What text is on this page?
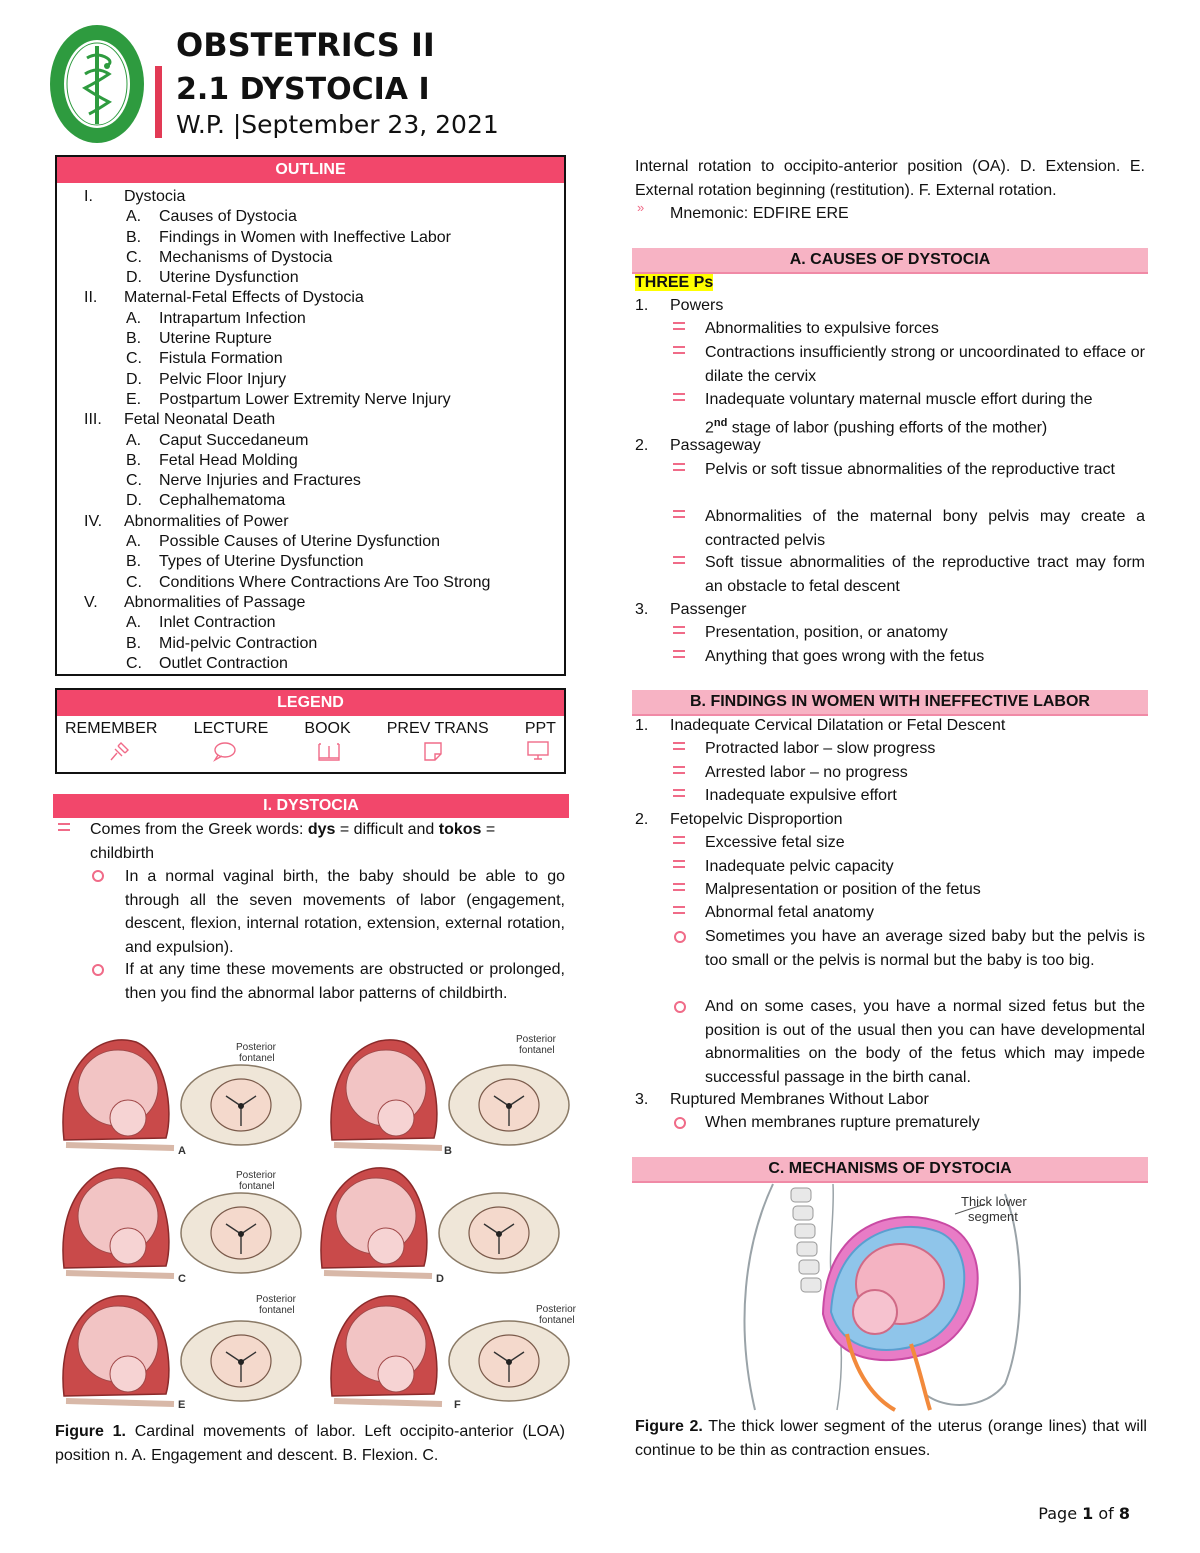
OBSTETRICS II
2.1 DYSTOCIA I
W.P. |September 23, 2021
OUTLINE
I. Dystocia
A. Causes of Dystocia
B. Findings in Women with Ineffective Labor
C. Mechanisms of Dystocia
D. Uterine Dysfunction
II. Maternal-Fetal Effects of Dystocia
A. Intrapartum Infection
B. Uterine Rupture
C. Fistula Formation
D. Pelvic Floor Injury
E. Postpartum Lower Extremity Nerve Injury
III. Fetal Neonatal Death
A. Caput Succedaneum
B. Fetal Head Molding
C. Nerve Injuries and Fractures
D. Cephalhematoma
IV. Abnormalities of Power
A. Possible Causes of Uterine Dysfunction
B. Types of Uterine Dysfunction
C. Conditions Where Contractions Are Too Strong
V. Abnormalities of Passage
A. Inlet Contraction
B. Mid-pelvic Contraction
C. Outlet Contraction
LEGEND
REMEMBER LECTURE BOOK PREV TRANS PPT
I. DYSTOCIA
Comes from the Greek words: dys = difficult and tokos =
childbirth
In a normal vaginal birth, the baby should be able to go through all the seven movements of labor (engagement, descent, flexion, internal rotation, extension, external rotation, and expulsion).
If at any time these movements are obstructed or prolonged, then you find the abnormal labor patterns of childbirth.
A
Posterior
fontanel
B
Posterior
fontanel
C
Posterior
fontanel
D
E
Posterior
fontanel
F
Posterior
fontanel
Figure 1. Cardinal movements of labor. Left occipito-anterior (LOA) position n. A. Engagement and descent. B. Flexion. C.
Internal rotation to occipito-anterior position (OA). D. Extension. E. External rotation beginning (restitution). F. External rotation.
»	Mnemonic: EDFIRE ERE
A. CAUSES OF DYSTOCIA
THREE Ps
1. Powers
Abnormalities to expulsive forces
Contractions insufficiently strong or uncoordinated to efface or dilate the cervix
Inadequate voluntary maternal muscle effort during the
2nd stage of labor (pushing efforts of the mother)
2. Passageway
Pelvis or soft tissue abnormalities of the reproductive tract
Abnormalities of the maternal bony pelvis may create a contracted pelvis
Soft tissue abnormalities of the reproductive tract may form an obstacle to fetal descent
3. Passenger
Presentation, position, or anatomy
Anything that goes wrong with the fetus
B. FINDINGS IN WOMEN WITH INEFFECTIVE LABOR
1. Inadequate Cervical Dilatation or Fetal Descent
Protracted labor – slow progress
Arrested labor – no progress
Inadequate expulsive effort
2. Fetopelvic Disproportion
Excessive fetal size
Inadequate pelvic capacity
Malpresentation or position of the fetus
Abnormal fetal anatomy
Sometimes you have an average sized baby but the pelvis is too small or the pelvis is normal but the baby is too big.
And on some cases, you have a normal sized fetus but the position is out of the usual then you can have developmental abnormalities on the body of the fetus which may impede successful passage in the birth canal.
3. Ruptured Membranes Without Labor
When membranes rupture prematurely
C. MECHANISMS OF DYSTOCIA
Thick lower
segment
Figure 2. The thick lower segment of the uterus (orange lines) that will continue to be thin as contraction ensues.
Page 1 of 8
